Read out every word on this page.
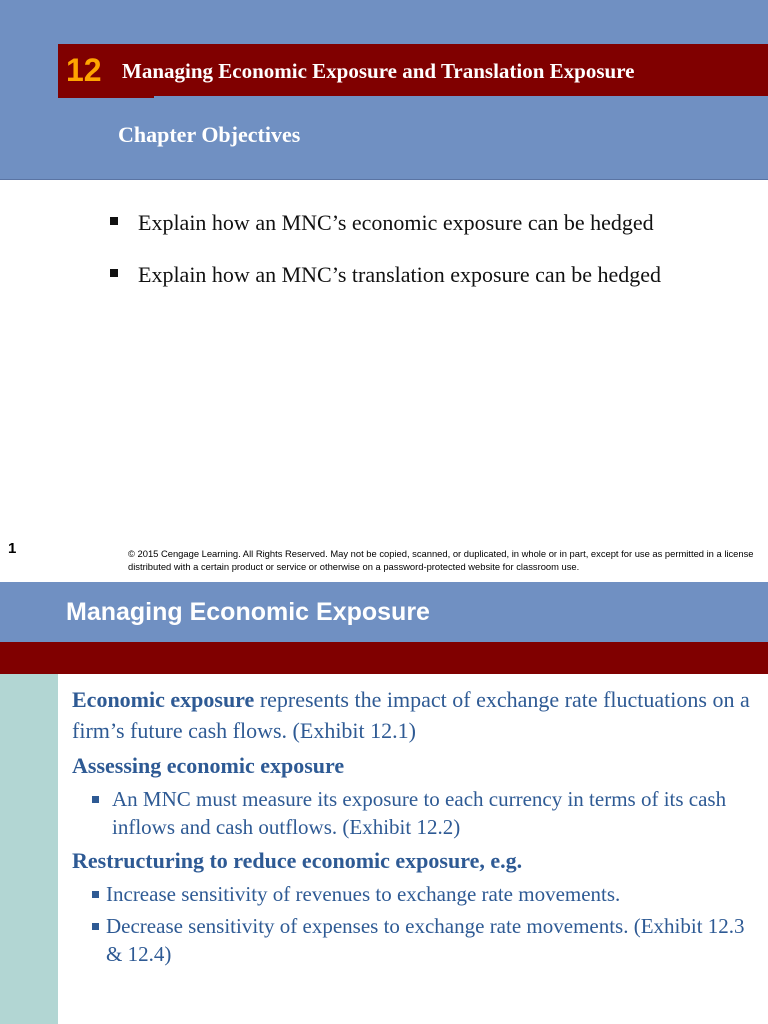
12 Managing Economic Exposure and Translation Exposure
Chapter Objectives
Explain how an MNC’s economic exposure can be hedged
Explain how an MNC’s translation exposure can be hedged
1	© 2015 Cengage Learning. All Rights Reserved. May not be copied, scanned, or duplicated, in whole or in part, except for use as permitted in a license distributed with a certain product or service or otherwise on a password-protected website for classroom use.
Managing Economic Exposure

Economic exposure represents the impact of exchange rate fluctuations on a firm’s future cash flows. (Exhibit 12.1)

Assessing economic exposure

An MNC must measure its exposure to each currency in terms of its cash inflows and cash outflows. (Exhibit 12.2)

Restructuring to reduce economic exposure, e.g.

Increase sensitivity of revenues to exchange rate movements.
Decrease sensitivity of expenses to exchange rate movements. (Exhibit 12.3 & 12.4)
